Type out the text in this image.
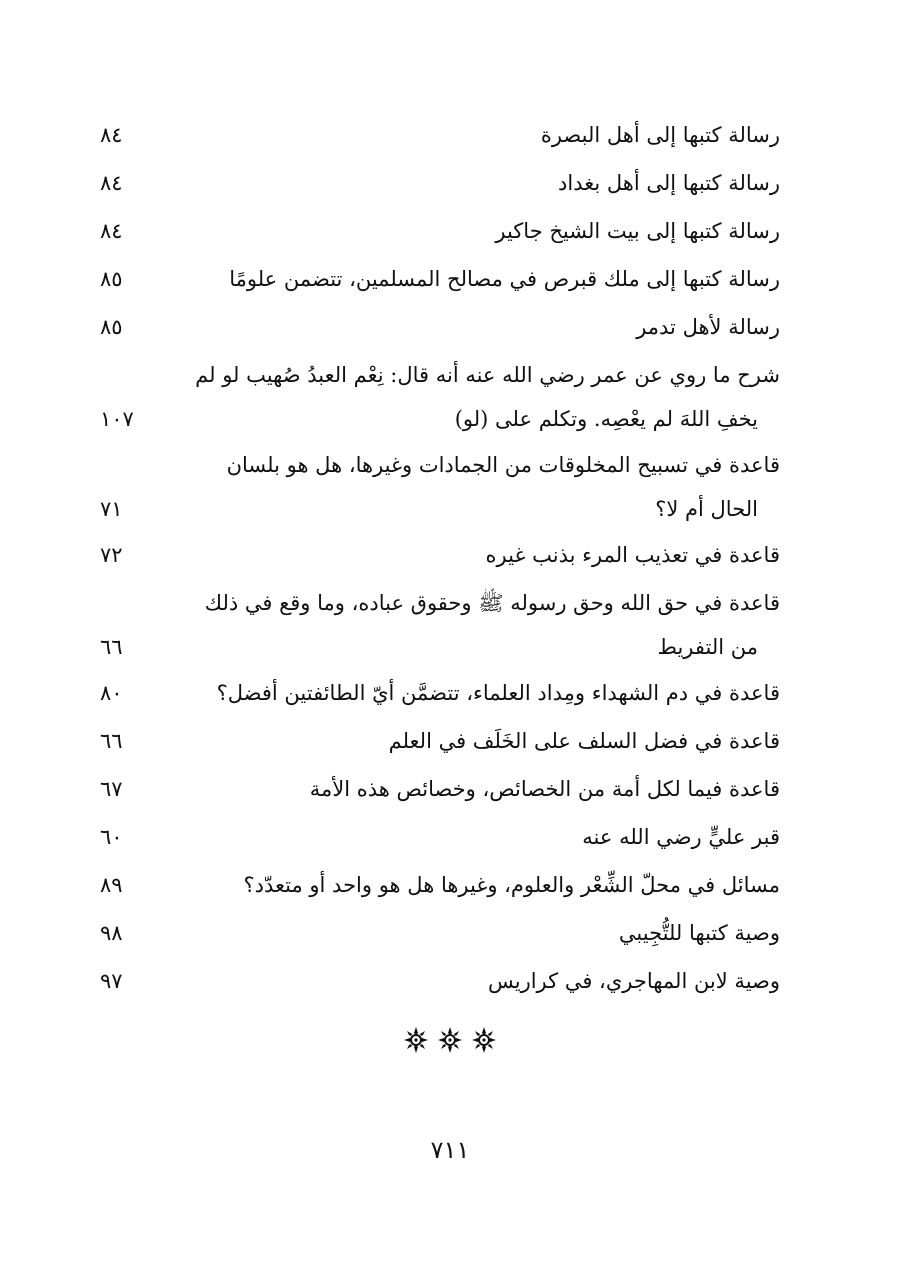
رسالة كتبها إلى أهل البصرة
٨٤
رسالة كتبها إلى أهل بغداد
٨٤
رسالة كتبها إلى بيت الشيخ جاكير
٨٤
رسالة كتبها إلى ملك قبرص في مصالح المسلمين، تتضمن علومًا
٨٥
رسالة لأهل تدمر
٨٥
شرح ما روي عن عمر رضي الله عنه أنه قال: نِعْم العبدُ صُهيب لو لم
يخفِ اللهَ لم يعْصِه. وتكلم على (لو)
١٠٧
قاعدة في تسبيح المخلوقات من الجمادات وغيرها، هل هو بلسان
الحال أم لا؟
٧١
قاعدة في تعذيب المرء بذنب غيره
٧٢
قاعدة في حق الله وحق رسوله ﷺ وحقوق عباده، وما وقع في ذلك
من التفريط
٦٦
قاعدة في دم الشهداء ومِداد العلماء، تتضمَّن أيّ الطائفتين أفضل؟
٨٠
قاعدة في فضل السلف على الخَلَف في العلم
٦٦
قاعدة فيما لكل أمة من الخصائص، وخصائص هذه الأمة
٦٧
قبر عليٍّ رضي الله عنه
٦٠
مسائل في محلّ الشِّعْر والعلوم، وغيرها هل هو واحد أو متعدّد؟
٨٩
وصية كتبها للتُّجِيبي
٩٨
وصية لابن المهاجري، في كراريس
٩٧
٧١١
